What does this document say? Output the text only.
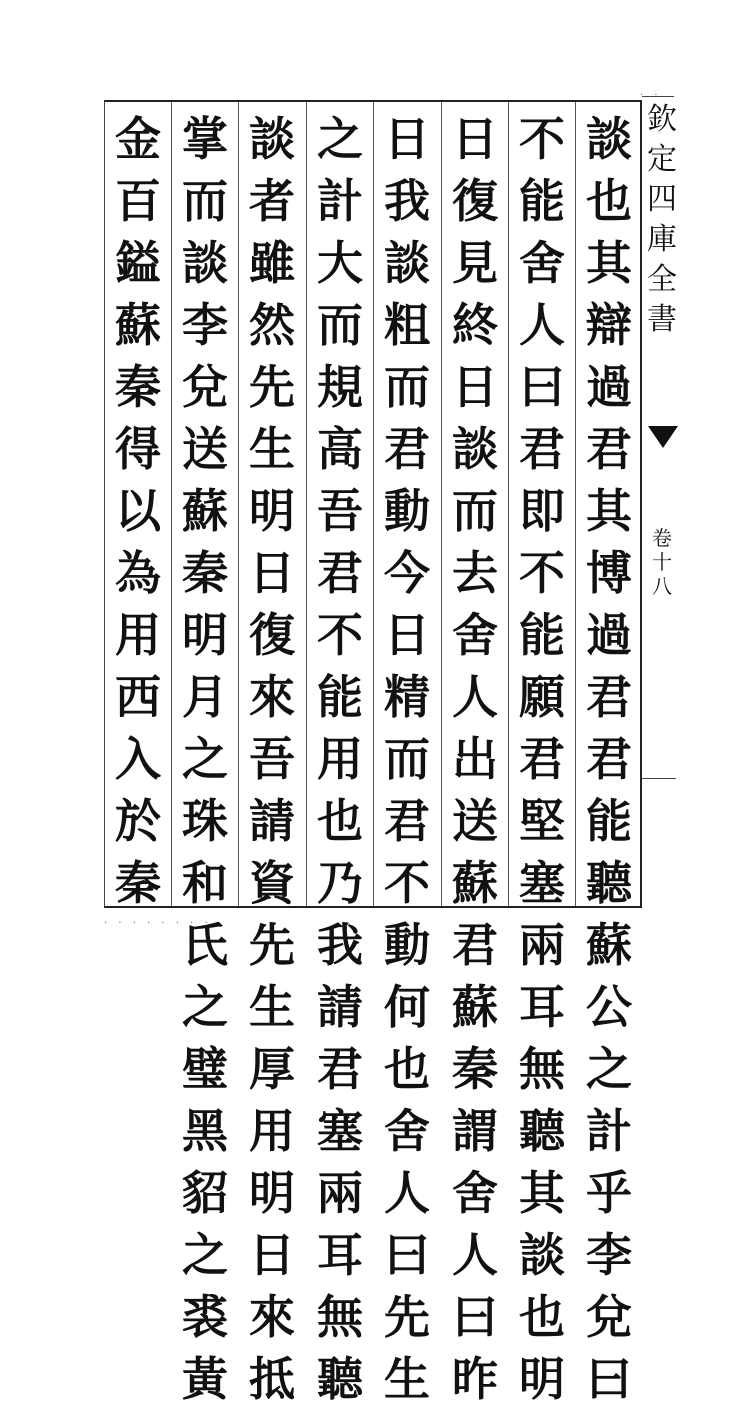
談
也
其
辯
過
君
其
博
過
君
君
能
聽
蘇
公
之
計
乎
李
兌
曰
不
能
舍
人
曰
君
即
不
能
願
君
堅
塞
兩
耳
無
聽
其
談
也
明
日
復
見
終
日
談
而
去
舍
人
出
送
蘇
君
蘇
秦
謂
舍
人
曰
昨
日
我
談
粗
而
君
動
今
日
精
而
君
不
動
何
也
舍
人
曰
先
生
之
計
大
而
規
高
吾
君
不
能
用
也
乃
我
請
君
塞
兩
耳
無
聽
談
者
雖
然
先
生
明
日
復
來
吾
請
資
先
生
厚
用
明
日
來
抵
掌
而
談
李
兌
送
蘇
秦
明
月
之
珠
和
氏
之
璧
黑
貂
之
裘
黃
金
百
鎰
蘇
秦
得
以
為
用
西
入
於
秦
欽
定
四
庫
全
書
卷
十
八
· · · · · · · ·
· ·
